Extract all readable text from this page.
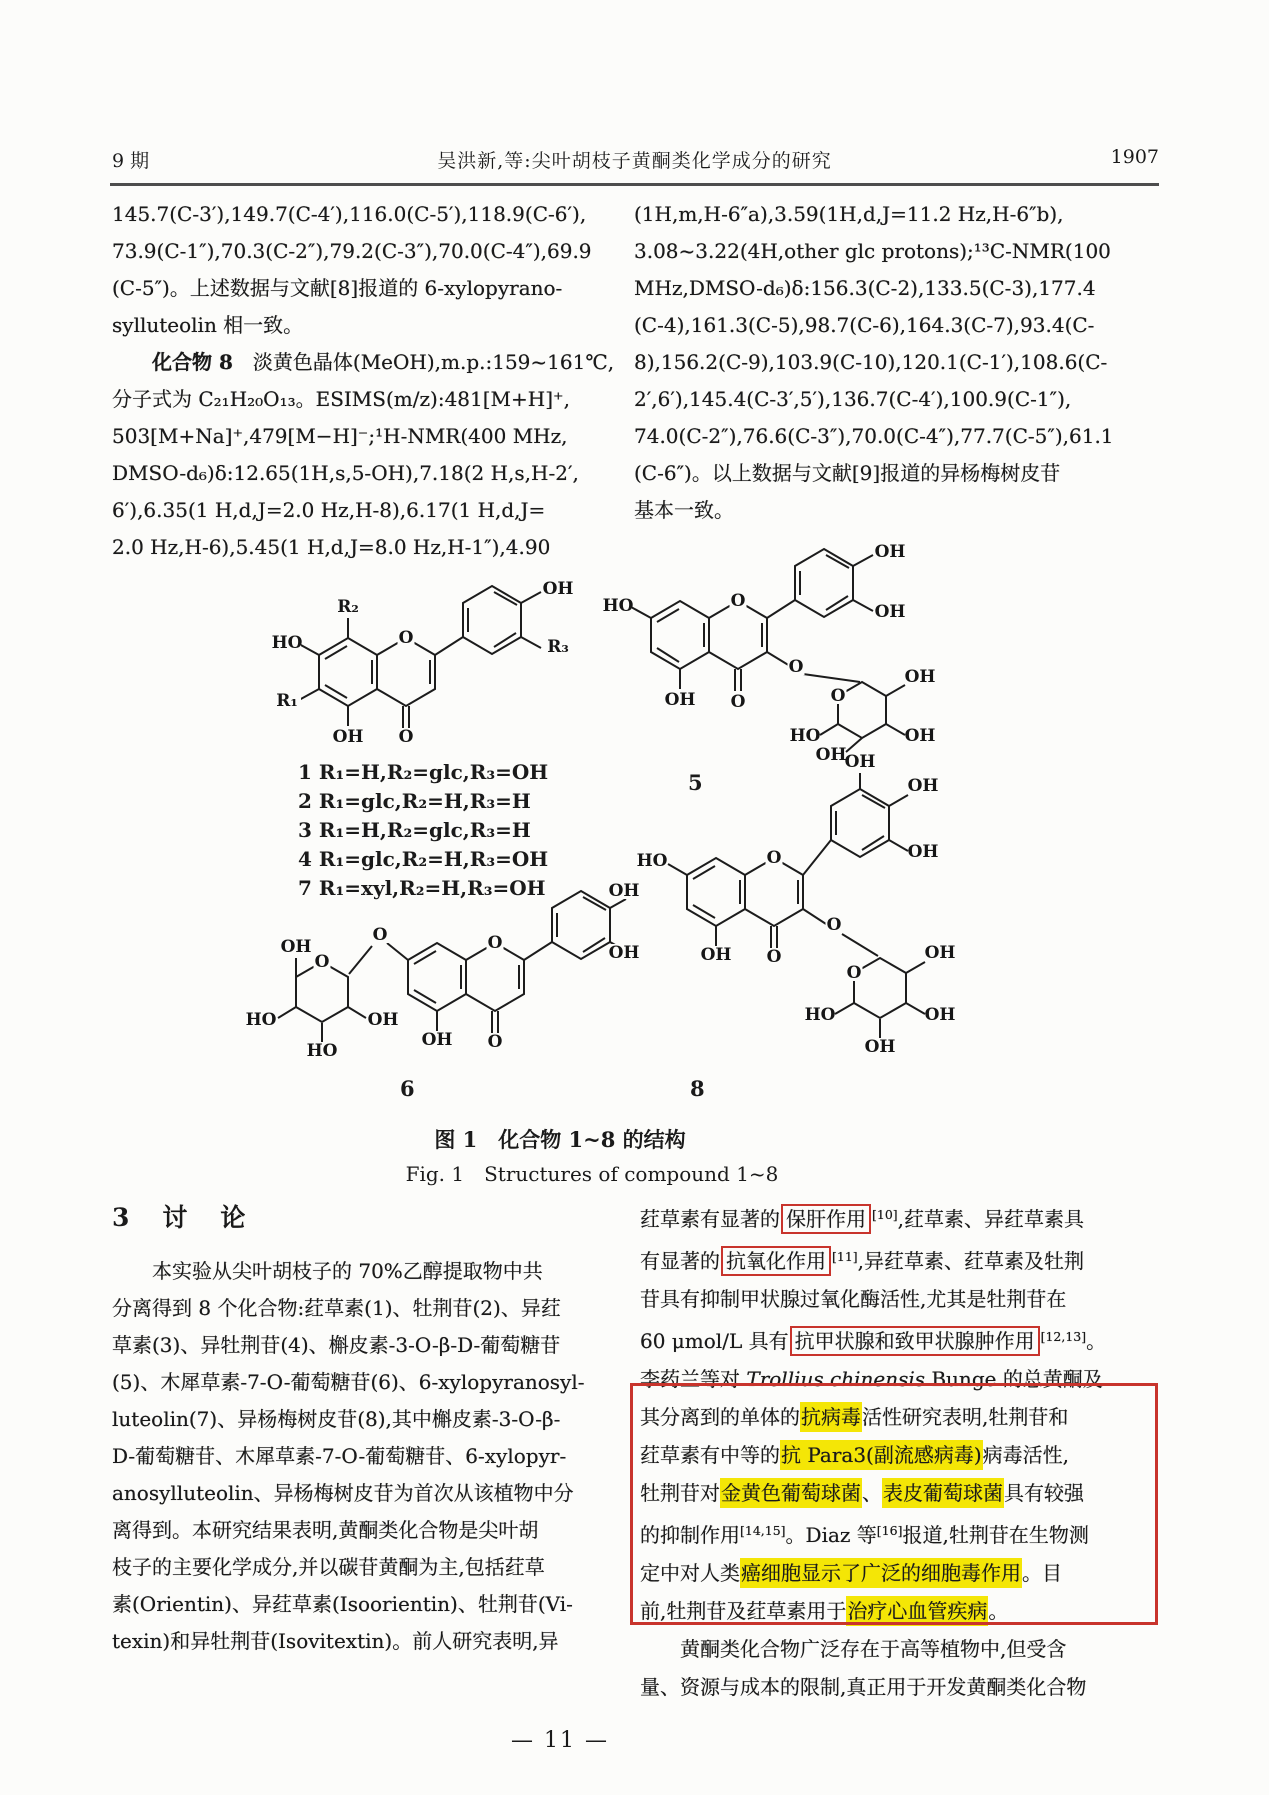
9 期	吴洪新,等:尖叶胡枝子黄酮类化学成分的研究	1907
145.7(C-3′),149.7(C-4′),116.0(C-5′),118.9(C-6′),
73.9(C-1″),70.3(C-2″),79.2(C-3″),70.0(C-4″),69.9
(C-5″)。上述数据与文献[8]报道的 6-xylopyrano-
sylluteolin 相一致。
　　化合物 8　淡黄色晶体(MeOH),m.p.:159~161℃,
分子式为 C₂₁H₂₀O₁₃。ESIMS(m/z):481[M+H]⁺,
503[M+Na]⁺,479[M−H]⁻;¹H-NMR(400 MHz,
DMSO-d₆)δ:12.65(1H,s,5-OH),7.18(2 H,s,H-2′,
6′),6.35(1 H,d,J=2.0 Hz,H-8),6.17(1 H,d,J=
2.0 Hz,H-6),5.45(1 H,d,J=8.0 Hz,H-1″),4.90
(1H,m,H-6″a),3.59(1H,d,J=11.2 Hz,H-6″b),
3.08~3.22(4H,other glc protons);¹³C-NMR(100
MHz,DMSO-d₆)δ:156.3(C-2),133.5(C-3),177.4
(C-4),161.3(C-5),98.7(C-6),164.3(C-7),93.4(C-
8),156.2(C-9),103.9(C-10),120.1(C-1′),108.6(C-
2′,6′),145.4(C-3′,5′),136.7(C-4′),100.9(C-1″),
74.0(C-2″),76.6(C-3″),70.0(C-4″),77.7(C-5″),61.1
(C-6″)。以上数据与文献[9]报道的异杨梅树皮苷
基本一致。
O
O
R₂
HO
R₁
OH
OH
R₃
O
HO
OH O
OH
OH
O
O
OH
OH
OH
HO
O
OH
OH
OH O
O
O
OH
HO
HO
OH
OH
OH
OH
O
HO
OH O
O
O
OH
OH
OH
HO
1 R₁=H,R₂=glc,R₃=OH
2 R₁=glc,R₂=H,R₃=H
3 R₁=H,R₂=glc,R₃=H
4 R₁=glc,R₂=H,R₃=OH
7 R₁=xyl,R₂=H,R₃=OH
5
6	8
图 1　化合物 1~8 的结构
Fig. 1　Structures of compound 1~8
3　讨　论
　　本实验从尖叶胡枝子的 70%乙醇提取物中共
分离得到 8 个化合物:荭草素(1)、牡荆苷(2)、异荭
草素(3)、异牡荆苷(4)、槲皮素-3-O-β-D-葡萄糖苷
(5)、木犀草素-7-O-葡萄糖苷(6)、6-xylopyranosyl-
luteolin(7)、异杨梅树皮苷(8),其中槲皮素-3-O-β-
D-葡萄糖苷、木犀草素-7-O-葡萄糖苷、6-xylopyr-
anosylluteolin、异杨梅树皮苷为首次从该植物中分
离得到。本研究结果表明,黄酮类化合物是尖叶胡
枝子的主要化学成分,并以碳苷黄酮为主,包括荭草
素(Orientin)、异荭草素(Isoorientin)、牡荆苷(Vi-
texin)和异牡荆苷(Isovitextin)。前人研究表明,异
荭草素有显著的 保肝作用 [10],荭草素、异荭草素具
有显著的 抗氧化作用 [11],异荭草素、荭草素及牡荆
苷具有抑制甲状腺过氧化酶活性,尤其是牡荆苷在
60 μmol/L 具有 抗甲状腺和致甲状腺肿作用 [12,13]。
李药兰等对 Trollius chinensis Bunge 的总黄酮及
其分离到的单体的抗病毒活性研究表明,牡荆苷和
荭草素有中等的抗 Para3(副流感病毒)病毒活性,
牡荆苷对金黄色葡萄球菌、表皮葡萄球菌具有较强
的抑制作用[14,15]。Diaz 等[16]报道,牡荆苷在生物测
定中对人类癌细胞显示了广泛的细胞毒作用。目
前,牡荆苷及荭草素用于治疗心血管疾病。
　　黄酮类化合物广泛存在于高等植物中,但受含
量、资源与成本的限制,真正用于开发黄酮类化合物
— 11 —
